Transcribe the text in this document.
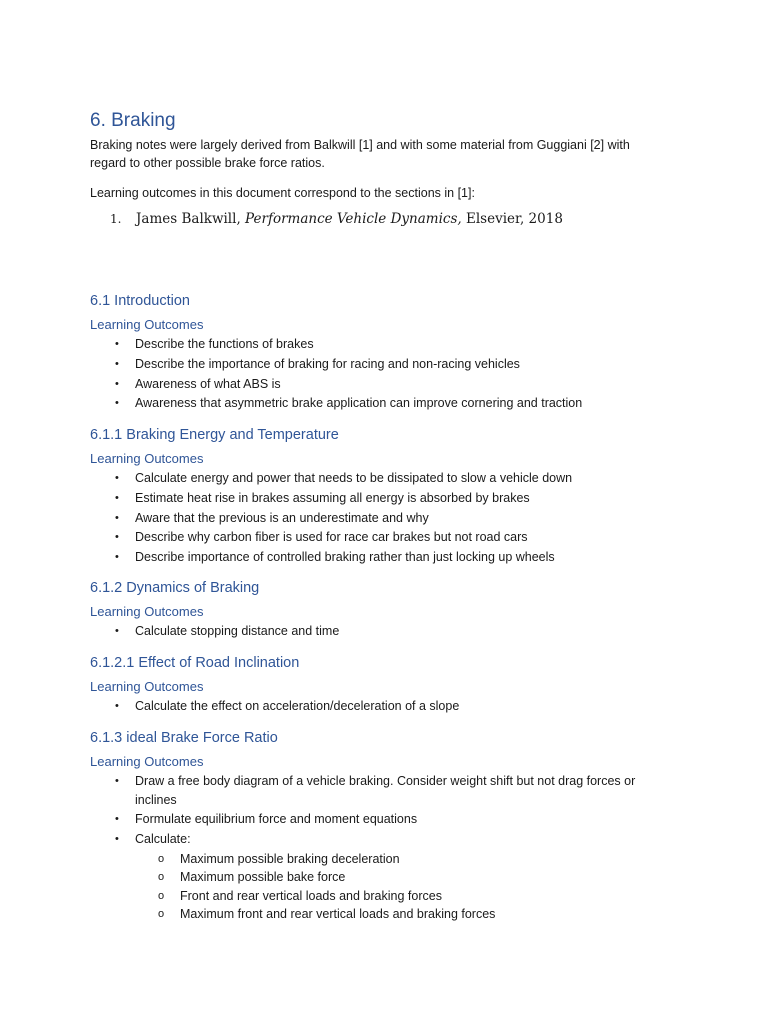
6. Braking

Braking notes were largely derived from Balkwill [1] and with some material from Guggiani [2] with regard to other possible brake force ratios.

Learning outcomes in this document correspond to the sections in [1]:

1. James Balkwill, Performance Vehicle Dynamics, Elsevier, 2018
6.1 Introduction
Learning Outcomes
• Describe the functions of brakes
• Describe the importance of braking for racing and non-racing vehicles
• Awareness of what ABS is
• Awareness that asymmetric brake application can improve cornering and traction
6.1.1 Braking Energy and Temperature
Learning Outcomes
• Calculate energy and power that needs to be dissipated to slow a vehicle down
• Estimate heat rise in brakes assuming all energy is absorbed by brakes
• Aware that the previous is an underestimate and why
• Describe why carbon fiber is used for race car brakes but not road cars
• Describe importance of controlled braking rather than just locking up wheels
6.1.2 Dynamics of Braking
Learning Outcomes
• Calculate stopping distance and time
6.1.2.1 Effect of Road Inclination
Learning Outcomes
• Calculate the effect on acceleration/deceleration of a slope
6.1.3 ideal Brake Force Ratio
Learning Outcomes
• Draw a free body diagram of a vehicle braking. Consider weight shift but not drag forces or inclines
• Formulate equilibrium force and moment equations
• Calculate:
o Maximum possible braking deceleration
o Maximum possible bake force
o Front and rear vertical loads and braking forces
o Maximum front and rear vertical loads and braking forces
